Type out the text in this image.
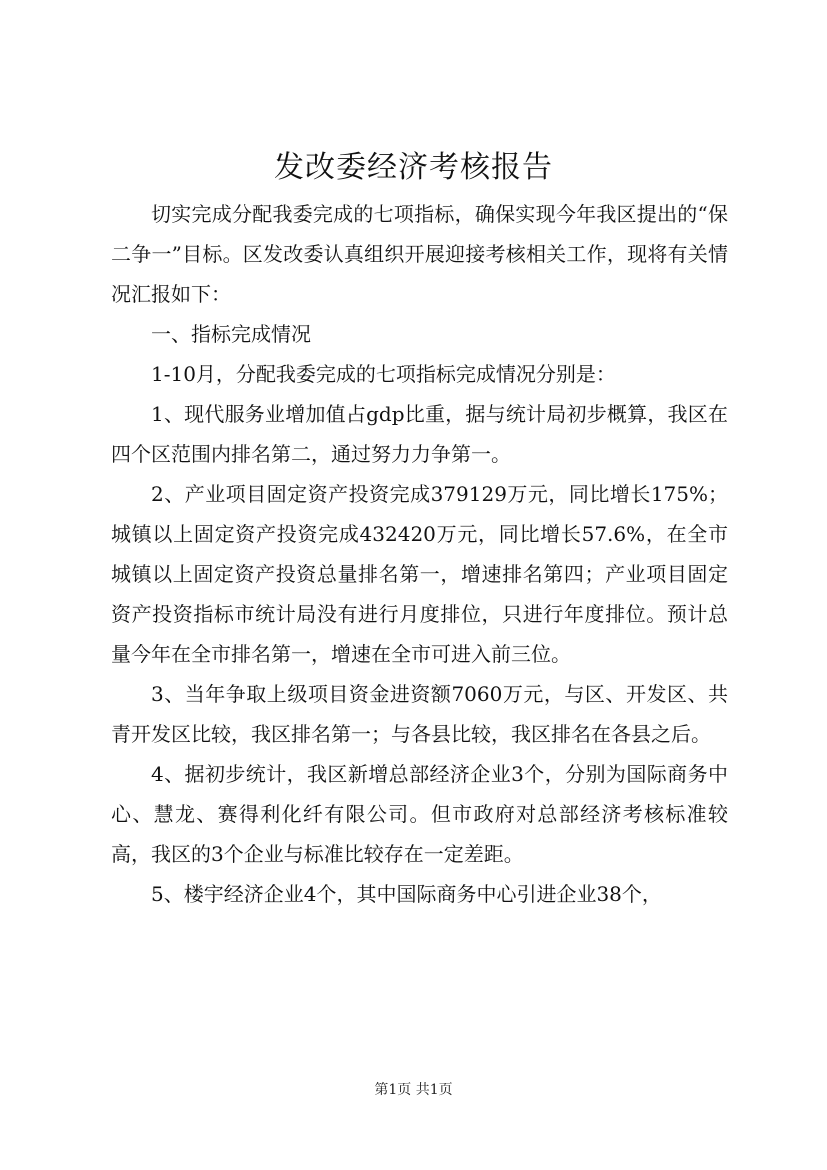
发改委经济考核报告

切实完成分配我委完成的七项指标，确保实现今年我区提出的“保二争一”目标。区发改委认真组织开展迎接考核相关工作，现将有关情况汇报如下：

一、指标完成情况

1-10月，分配我委完成的七项指标完成情况分别是：

1、现代服务业增加值占gdp比重，据与统计局初步概算，我区在四个区范围内排名第二，通过努力力争第一。

2、产业项目固定资产投资完成379129万元，同比增长175%；城镇以上固定资产投资完成432420万元，同比增长57.6%，在全市城镇以上固定资产投资总量排名第一，增速排名第四；产业项目固定资产投资指标市统计局没有进行月度排位，只进行年度排位。预计总量今年在全市排名第一，增速在全市可进入前三位。

3、当年争取上级项目资金进资额7060万元，与区、开发区、共青开发区比较，我区排名第一；与各县比较，我区排名在各县之后。

4、据初步统计，我区新增总部经济企业3个，分别为国际商务中心、慧龙、赛得利化纤有限公司。但市政府对总部经济考核标准较高，我区的3个企业与标准比较存在一定差距。

5、楼宇经济企业4个，其中国际商务中心引进企业38个，

第1页 共1页
